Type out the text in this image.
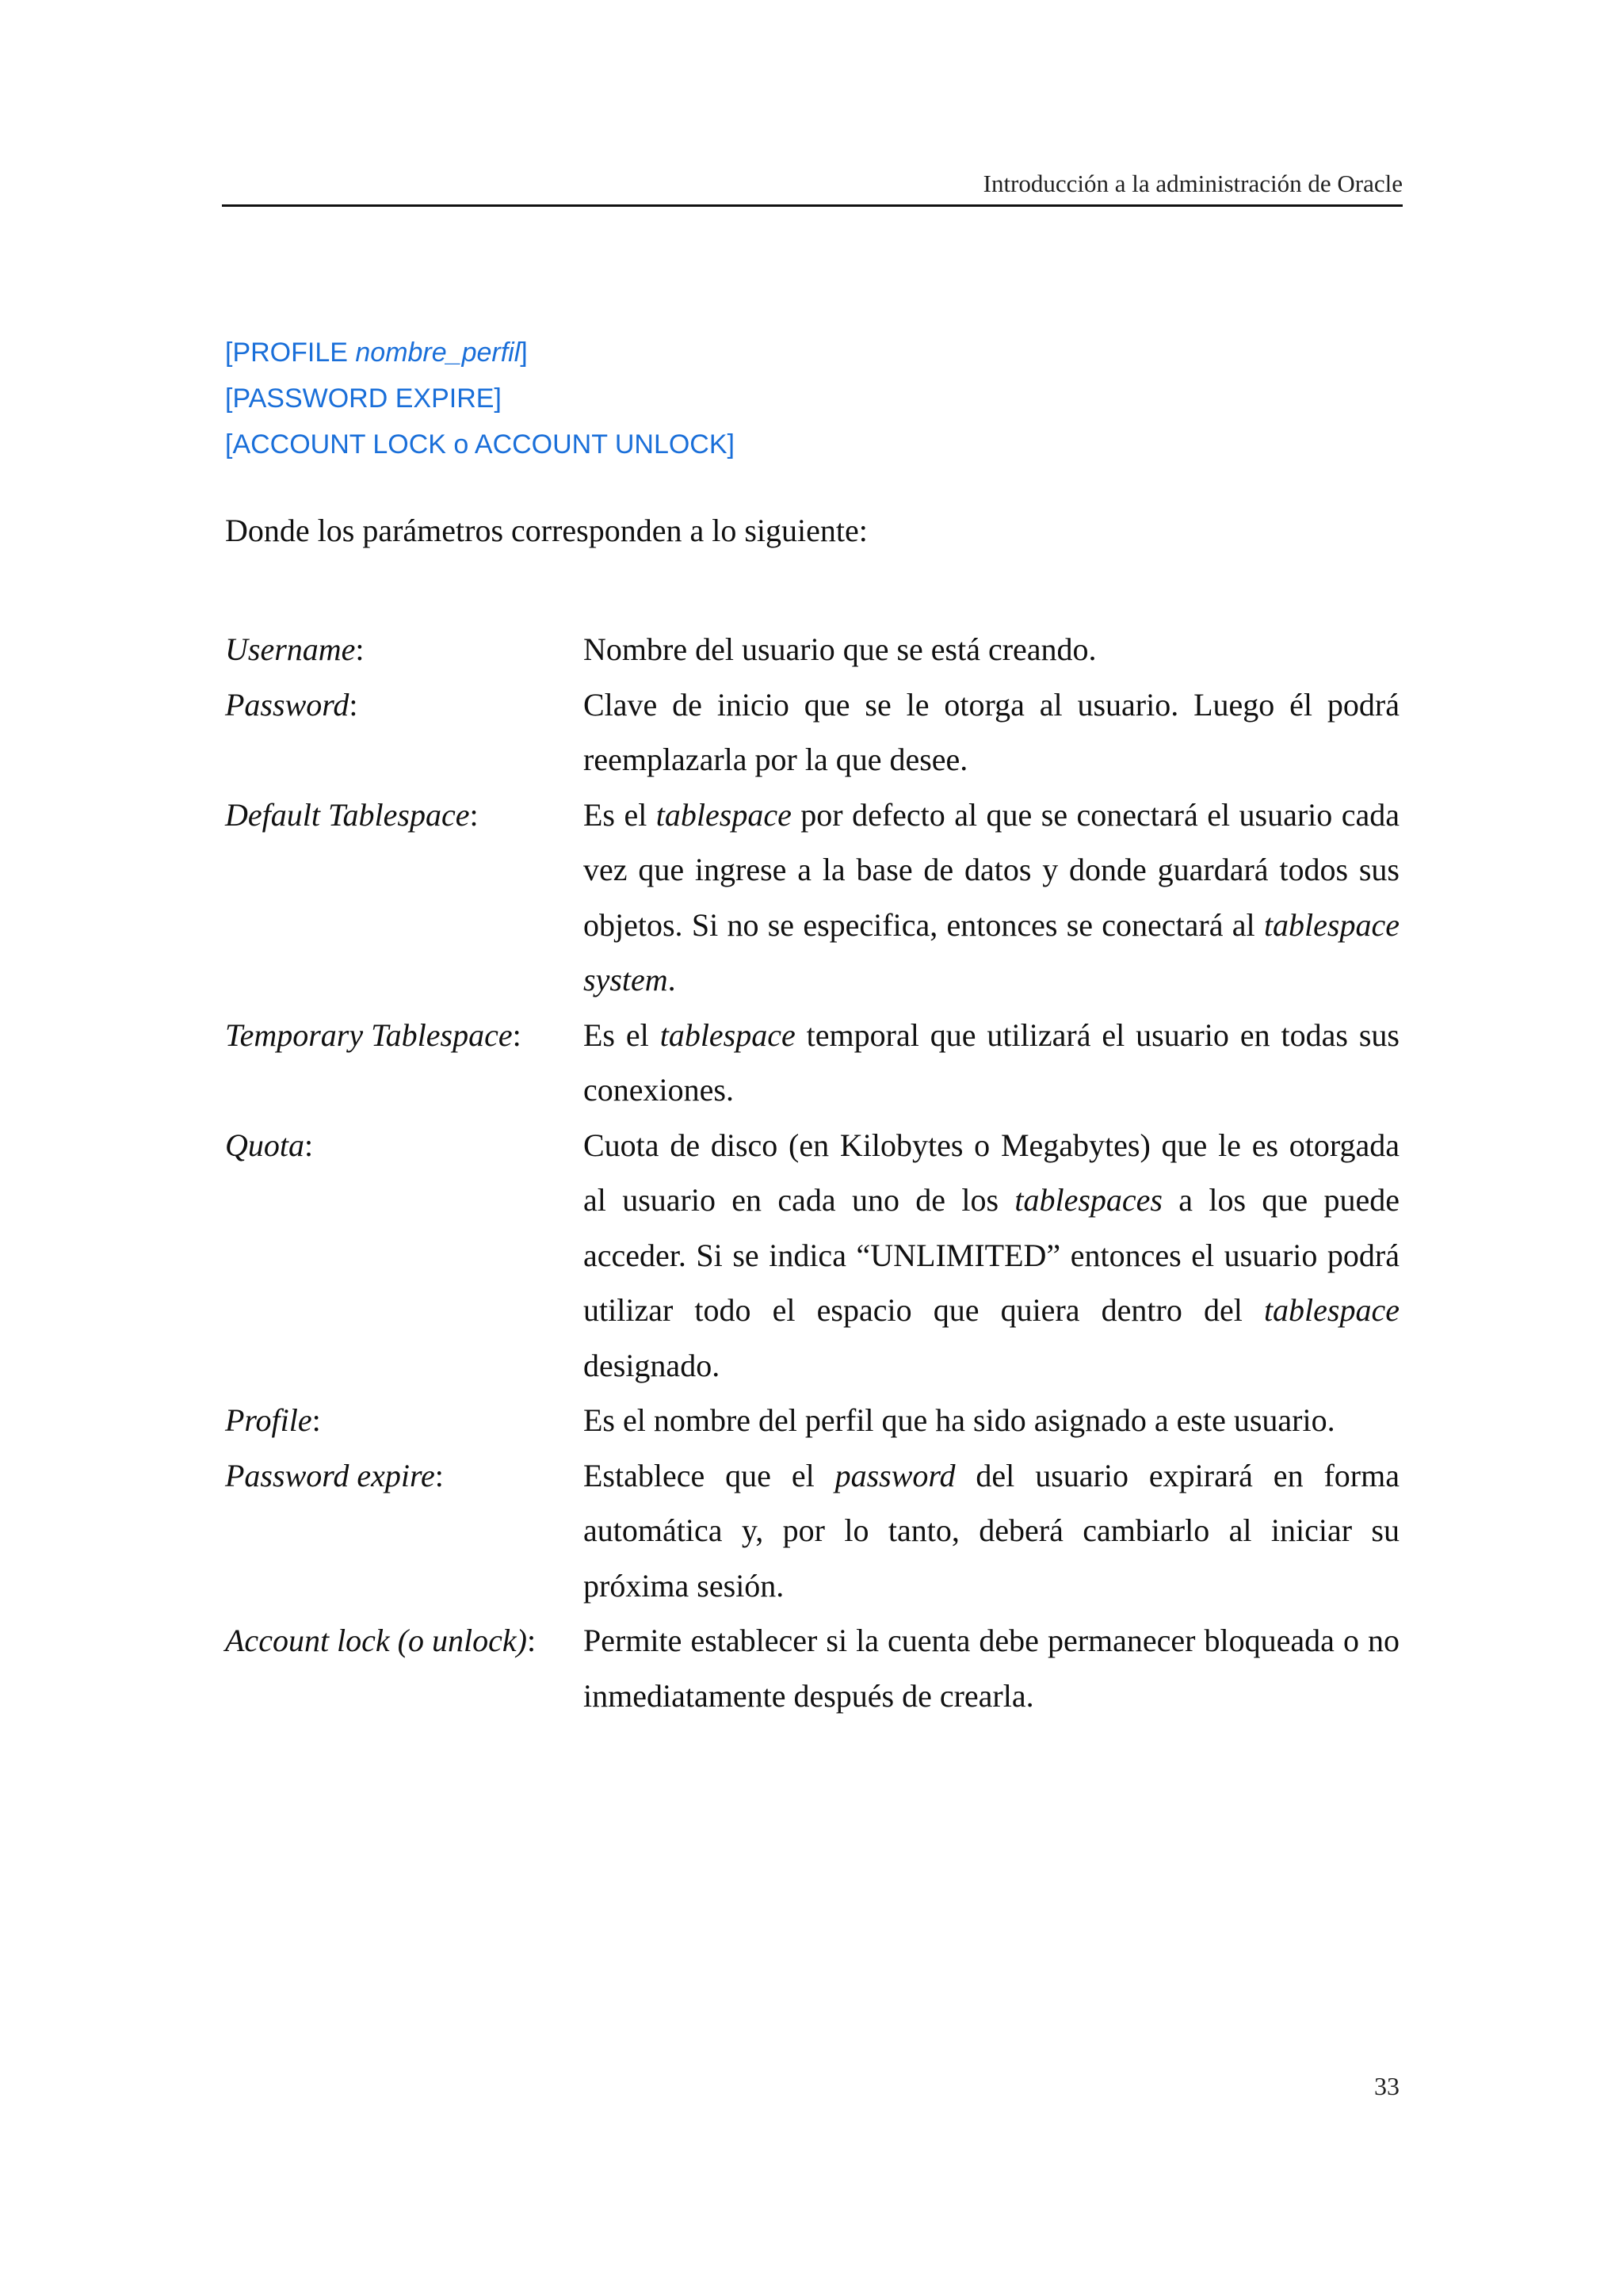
Introducción a la administración de Oracle
[PROFILE nombre_perfil]
[PASSWORD EXPIRE]
[ACCOUNT LOCK o ACCOUNT UNLOCK]
Donde los parámetros corresponden a lo siguiente:
Username:	Nombre del usuario que se está creando.
Password:	Clave de inicio que se le otorga al usuario. Luego él podrá reemplazarla por la que desee.
Default Tablespace:	Es el tablespace por defecto al que se conectará el usuario cada vez que ingrese a la base de datos y donde guardará todos sus objetos. Si no se especifica, entonces se conectará al tablespace system.
Temporary Tablespace:	Es el tablespace temporal que utilizará el usuario en todas sus conexiones.
Quota:	Cuota de disco (en Kilobytes o Megabytes) que le es otorgada al usuario en cada uno de los tablespaces a los que puede acceder. Si se indica “UNLIMITED” entonces el usuario podrá utilizar todo el espacio que quiera dentro del tablespace designado.
Profile:	Es el nombre del perfil que ha sido asignado a este usuario.
Password expire:	Establece que el password del usuario expirará en forma automática y, por lo tanto, deberá cambiarlo al iniciar su próxima sesión.
Account lock (o unlock):	Permite establecer si la cuenta debe permanecer bloqueada o no inmediatamente después de crearla.
33
